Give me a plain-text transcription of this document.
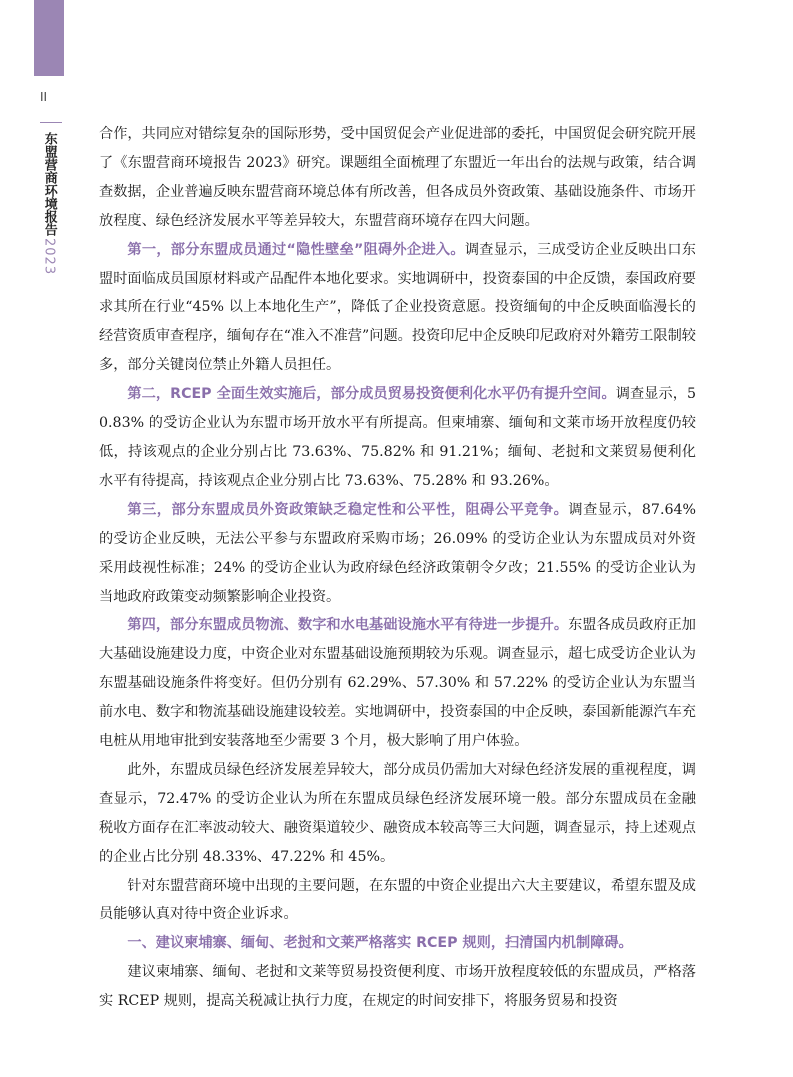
II
东盟营商环境报告
2023

合作，共同应对错综复杂的国际形势，受中国贸促会产业促进部的委托，中国贸促会研究院开展了《东盟营商环境报告 2023》研究。课题组全面梳理了东盟近一年出台的法规与政策，结合调查数据，企业普遍反映东盟营商环境总体有所改善，但各成员外资政策、基础设施条件、市场开放程度、绿色经济发展水平等差异较大，东盟营商环境存在四大问题。

第一，部分东盟成员通过“隐性壁垒”阻碍外企进入。调查显示，三成受访企业反映出口东盟时面临成员国原材料或产品配件本地化要求。实地调研中，投资泰国的中企反馈，泰国政府要求其所在行业“45% 以上本地化生产”，降低了企业投资意愿。投资缅甸的中企反映面临漫长的经营资质审查程序，缅甸存在“准入不准营”问题。投资印尼中企反映印尼政府对外籍劳工限制较多，部分关键岗位禁止外籍人员担任。

第二，RCEP 全面生效实施后，部分成员贸易投资便利化水平仍有提升空间。调查显示，50.83% 的受访企业认为东盟市场开放水平有所提高。但柬埔寨、缅甸和文莱市场开放程度仍较低，持该观点的企业分别占比 73.63%、75.82% 和 91.21%；缅甸、老挝和文莱贸易便利化水平有待提高，持该观点企业分别占比 73.63%、75.28% 和 93.26%。

第三，部分东盟成员外资政策缺乏稳定性和公平性，阻碍公平竞争。调查显示，87.64% 的受访企业反映，无法公平参与东盟政府采购市场；26.09% 的受访企业认为东盟成员对外资采用歧视性标准；24% 的受访企业认为政府绿色经济政策朝令夕改；21.55% 的受访企业认为当地政府政策变动频繁影响企业投资。

第四，部分东盟成员物流、数字和水电基础设施水平有待进一步提升。东盟各成员政府正加大基础设施建设力度，中资企业对东盟基础设施预期较为乐观。调查显示，超七成受访企业认为东盟基础设施条件将变好。但仍分别有 62.29%、57.30% 和 57.22% 的受访企业认为东盟当前水电、数字和物流基础设施建设较差。实地调研中，投资泰国的中企反映，泰国新能源汽车充电桩从用地审批到安装落地至少需要 3 个月，极大影响了用户体验。

此外，东盟成员绿色经济发展差异较大，部分成员仍需加大对绿色经济发展的重视程度，调查显示，72.47% 的受访企业认为所在东盟成员绿色经济发展环境一般。部分东盟成员在金融税收方面存在汇率波动较大、融资渠道较少、融资成本较高等三大问题，调查显示，持上述观点的企业占比分别 48.33%、47.22% 和 45%。

针对东盟营商环境中出现的主要问题，在东盟的中资企业提出六大主要建议，希望东盟及成员能够认真对待中资企业诉求。

一、建议柬埔寨、缅甸、老挝和文莱严格落实 RCEP 规则，扫清国内机制障碍。

建议柬埔寨、缅甸、老挝和文莱等贸易投资便利度、市场开放程度较低的东盟成员，严格落实 RCEP 规则，提高关税减让执行力度，在规定的时间安排下，将服务贸易和投资
